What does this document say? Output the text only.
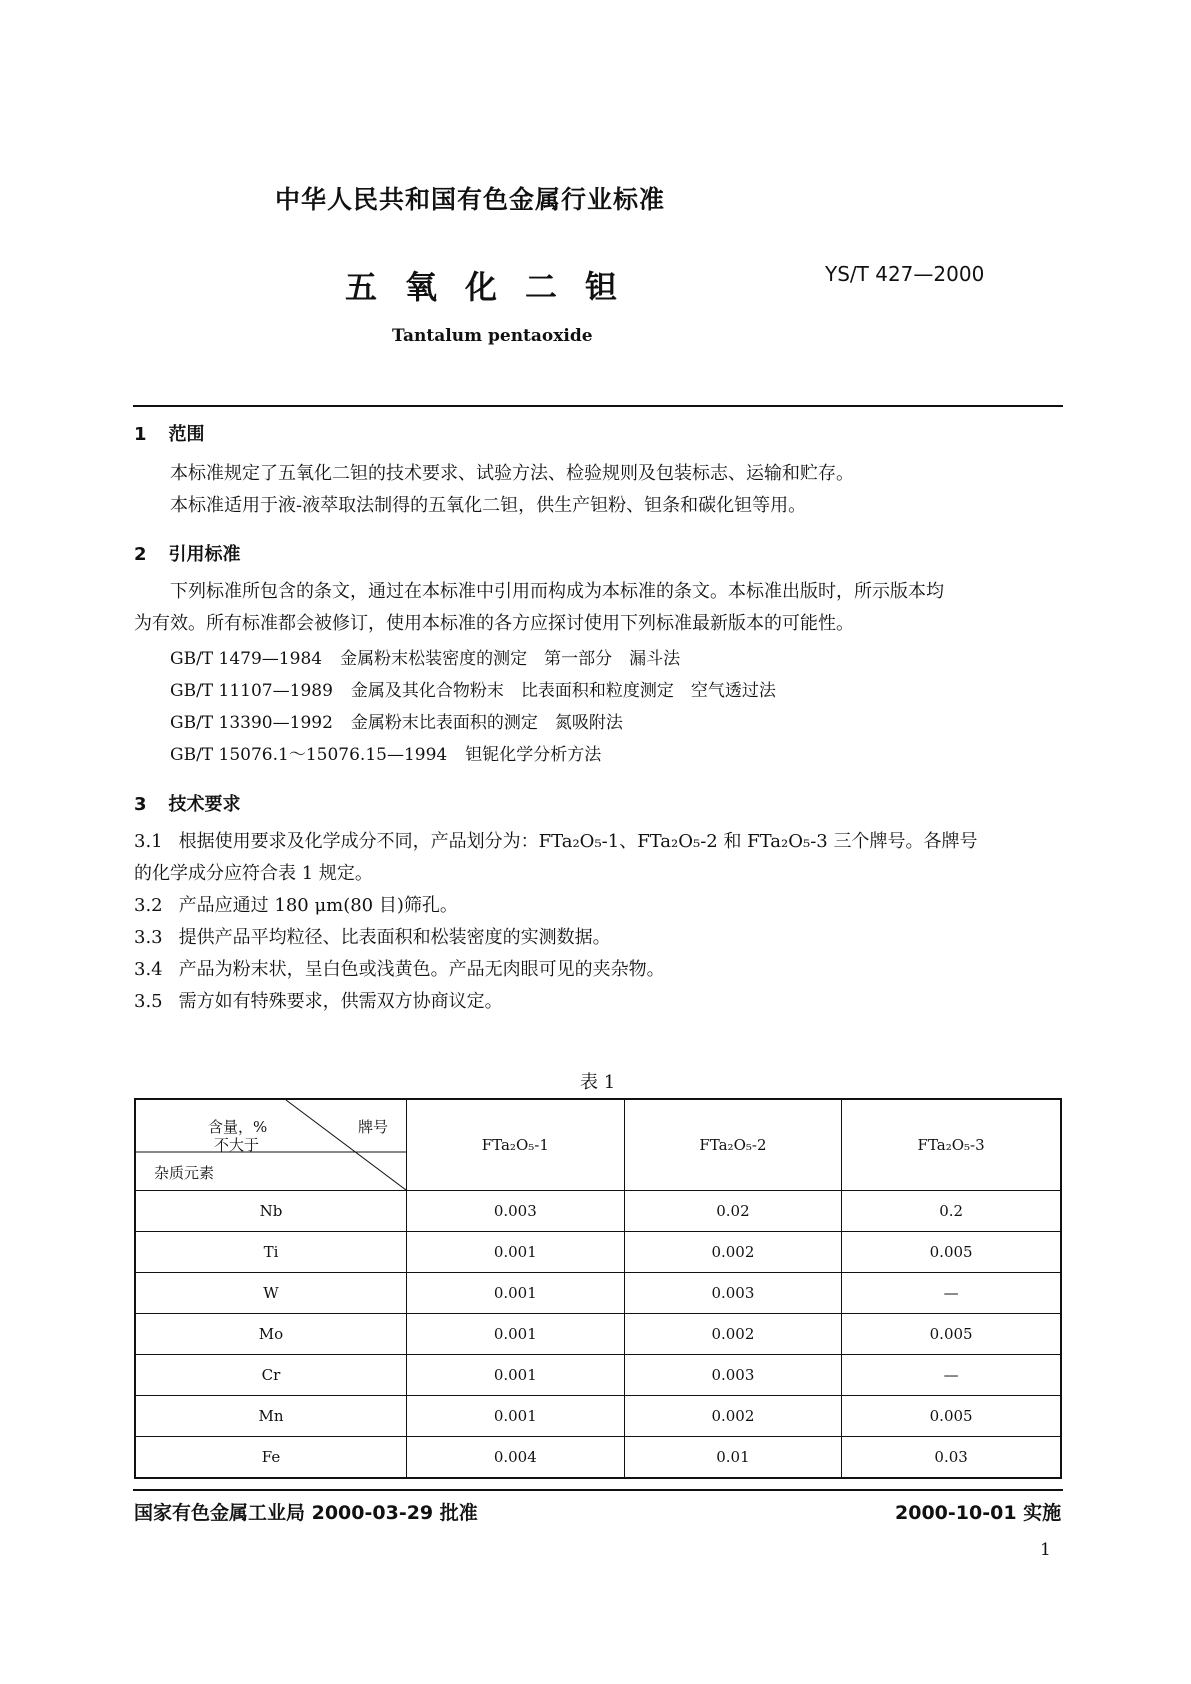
中华人民共和国有色金属行业标准
五氧化二钽	YS/T 427—2000
Tantalum pentaoxide
1 范围
本标准规定了五氧化二钽的技术要求、试验方法、检验规则及包装标志、运输和贮存。
本标准适用于液-液萃取法制得的五氧化二钽，供生产钽粉、钽条和碳化钽等用。
2 引用标准
下列标准所包含的条文，通过在本标准中引用而构成为本标准的条文。本标准出版时，所示版本均
为有效。所有标准都会被修订，使用本标准的各方应探讨使用下列标准最新版本的可能性。
GB/T 1479—1984 金属粉末松装密度的测定　第一部分　漏斗法
GB/T 11107—1989 金属及其化合物粉末　比表面积和粒度测定　空气透过法
GB/T 13390—1992 金属粉末比表面积的测定　氮吸附法
GB/T 15076.1～15076.15—1994 钽铌化学分析方法
3 技术要求
3.1 根据使用要求及化学成分不同，产品划分为：FTa₂O₅-1、FTa₂O₅-2 和 FTa₂O₅-3 三个牌号。各牌号
的化学成分应符合表 1 规定。
3.2 产品应通过 180 μm(80 目)筛孔。
3.3 提供产品平均粒径、比表面积和松装密度的实测数据。
3.4 产品为粉末状，呈白色或浅黄色。产品无肉眼可见的夹杂物。
3.5 需方如有特殊要求，供需双方协商议定。
表 1
含量，%
不大于
牌号
杂质元素	FTa₂O₅-1	FTa₂O₅-2	FTa₂O₅-3
Nb	0.003	0.02	0.2
Ti	0.001	0.002	0.005
W	0.001	0.003	—
Mo	0.001	0.002	0.005
Cr	0.001	0.003	—
Mn	0.001	0.002	0.005
Fe	0.004	0.01	0.03
国家有色金属工业局 2000-03-29 批准	2000-10-01 实施
1
